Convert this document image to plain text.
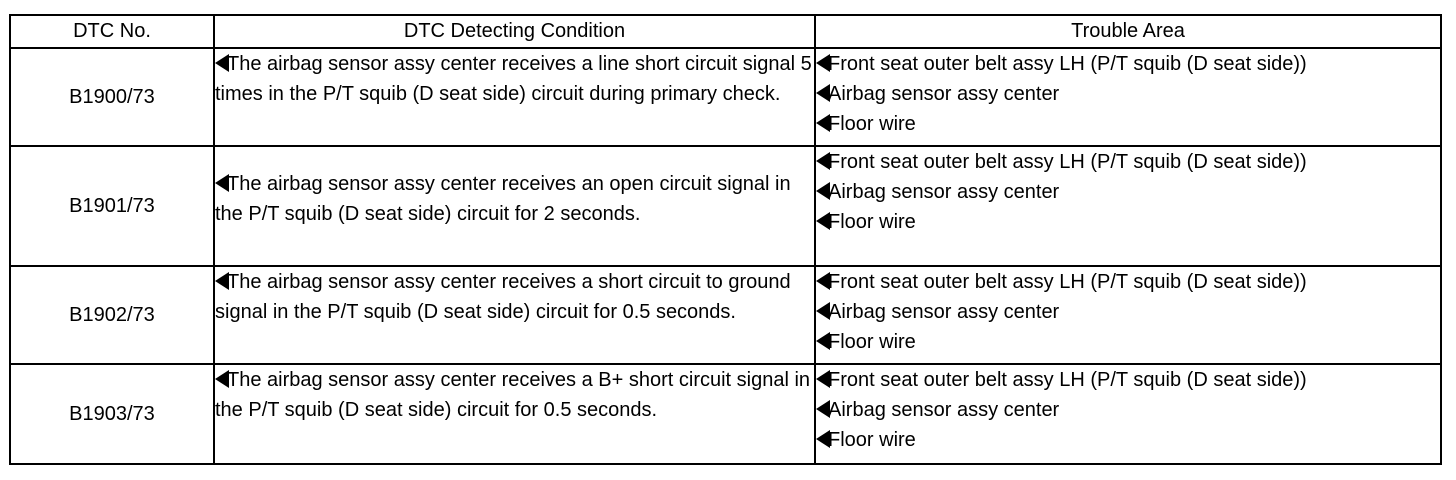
DTC No.	DTC Detecting Condition	Trouble Area
B1900/73	The airbag sensor assy center receives a line short circuit signal 5 times in the P/T squib (D seat side) circuit during primary check.	Front seat outer belt assy LH (P/T squib (D seat side))
Airbag sensor assy center
Floor wire

B1901/73	The airbag sensor assy center receives an open circuit signal in the P/T squib (D seat side) circuit for 2 seconds.	Front seat outer belt assy LH (P/T squib (D seat side))
Airbag sensor assy center
Floor wire

B1902/73	The airbag sensor assy center receives a short circuit to ground signal in the P/T squib (D seat side) circuit for 0.5 seconds.	Front seat outer belt assy LH (P/T squib (D seat side))
Airbag sensor assy center
Floor wire

B1903/73	The airbag sensor assy center receives a B+ short circuit signal in the P/T squib (D seat side) circuit for 0.5 seconds.	Front seat outer belt assy LH (P/T squib (D seat side))
Airbag sensor assy center
Floor wire
